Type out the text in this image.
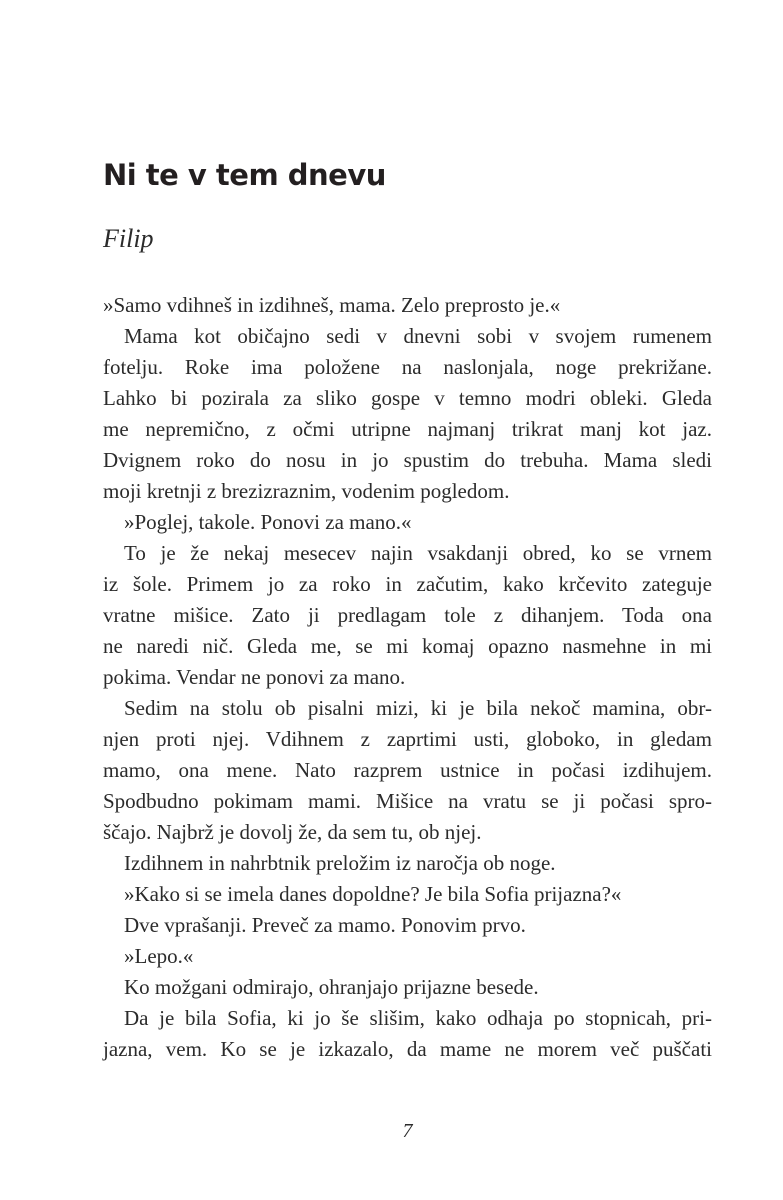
Ni te v tem dnevu
Filip

»Samo vdihneš in izdihneš, mama. Zelo preprosto je.«

Mama kot običajno sedi v dnevni sobi v svojem rumenem
fotelju. Roke ima položene na naslonjala, noge prekrižane.
Lahko bi pozirala za sliko gospe v temno modri obleki. Gleda
me nepremično, z očmi utripne najmanj trikrat manj kot jaz.
Dvignem roko do nosu in jo spustim do trebuha. Mama sledi
moji kretnji z brezizraznim, vodenim pogledom.

»Poglej, takole. Ponovi za mano.«

To je že nekaj mesecev najin vsakdanji obred, ko se vrnem
iz šole. Primem jo za roko in začutim, kako krčevito zateguje
vratne mišice. Zato ji predlagam tole z dihanjem. Toda ona
ne naredi nič. Gleda me, se mi komaj opazno nasmehne in mi
pokima. Vendar ne ponovi za mano.

Sedim na stolu ob pisalni mizi, ki je bila nekoč mamina, obr-
njen proti njej. Vdihnem z zaprtimi usti, globoko, in gledam
mamo, ona mene. Nato razprem ustnice in počasi izdihujem.
Spodbudno pokimam mami. Mišice na vratu se ji počasi spro-
ščajo. Najbrž je dovolj že, da sem tu, ob njej.

Izdihnem in nahrbtnik preložim iz naročja ob noge.

»Kako si se imela danes dopoldne? Je bila Sofia prijazna?«

Dve vprašanji. Preveč za mamo. Ponovim prvo.

»Lepo.«

Ko možgani odmirajo, ohranjajo prijazne besede.

Da je bila Sofia, ki jo še slišim, kako odhaja po stopnicah, pri-
jazna, vem. Ko se je izkazalo, da mame ne morem več puščati

7
